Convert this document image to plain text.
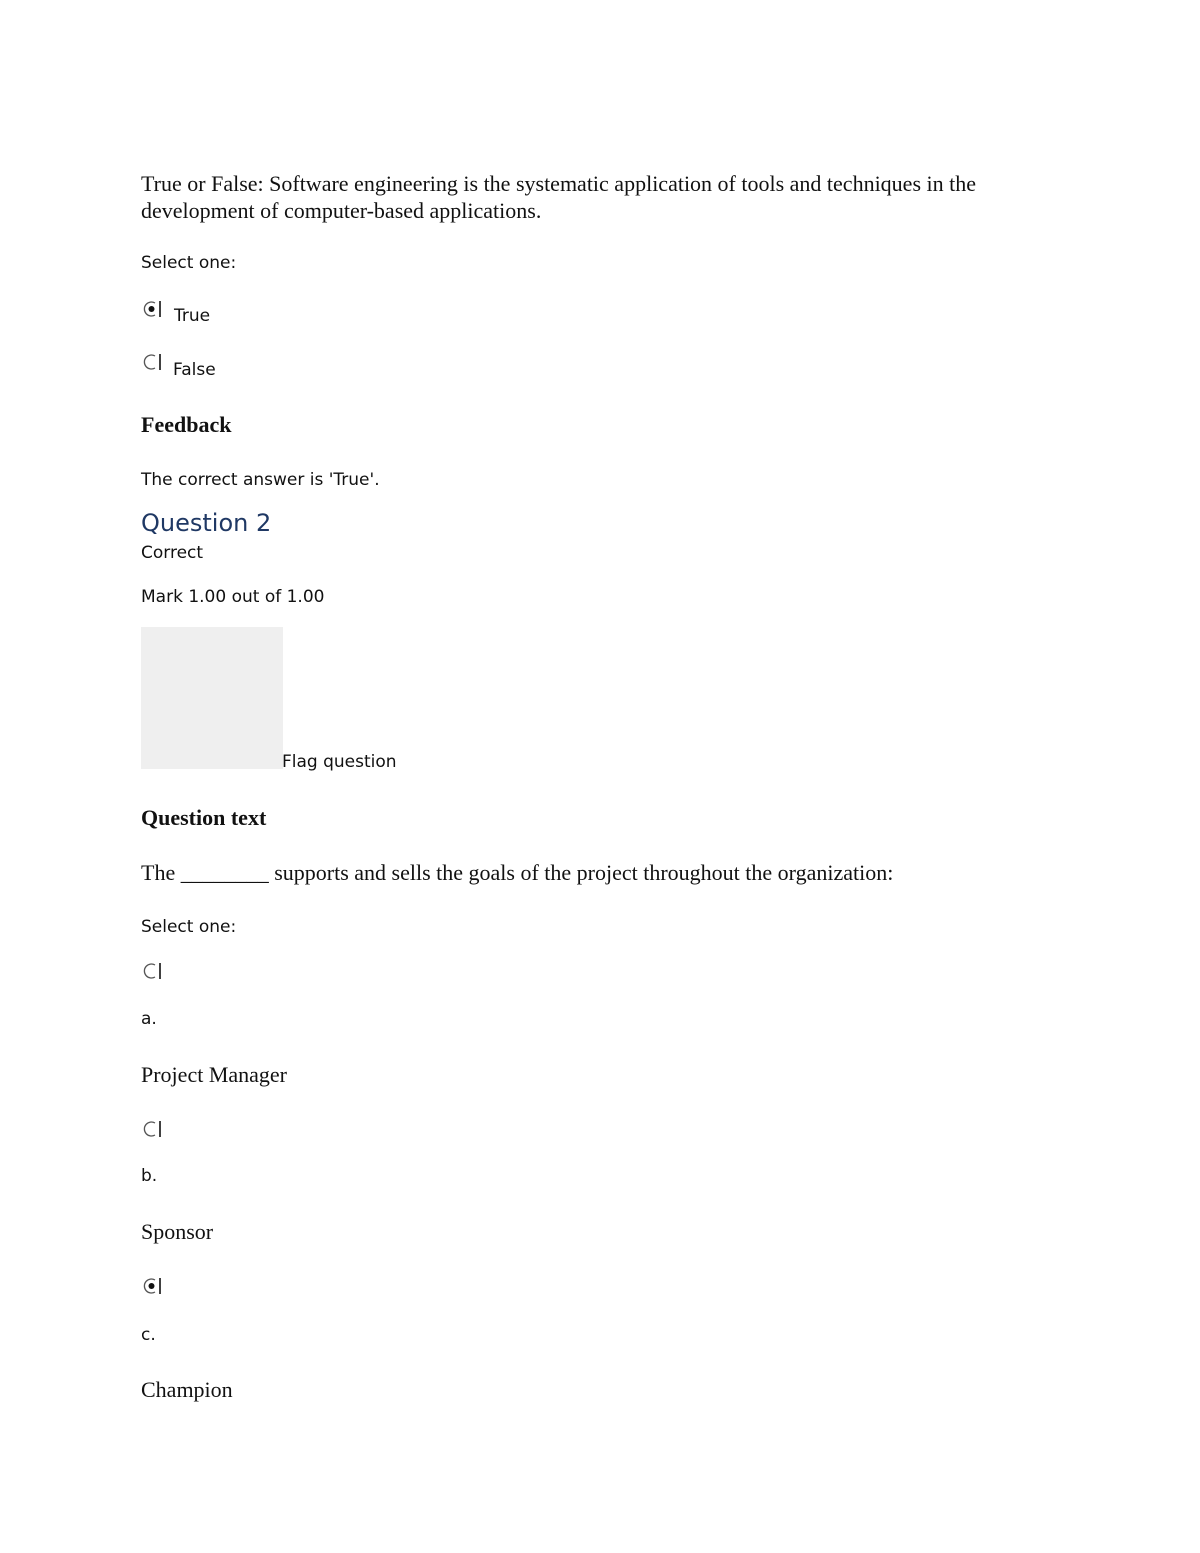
True or False: Software engineering is the systematic application of tools and techniques in the development of computer-based applications.
Select one:
True
False
Feedback
The correct answer is 'True'.
Question 2
Correct
Mark 1.00 out of 1.00
Flag question
Question text
The ________ supports and sells the goals of the project throughout the organization:
Select one:
a.
Project Manager
b.
Sponsor
c.
Champion
